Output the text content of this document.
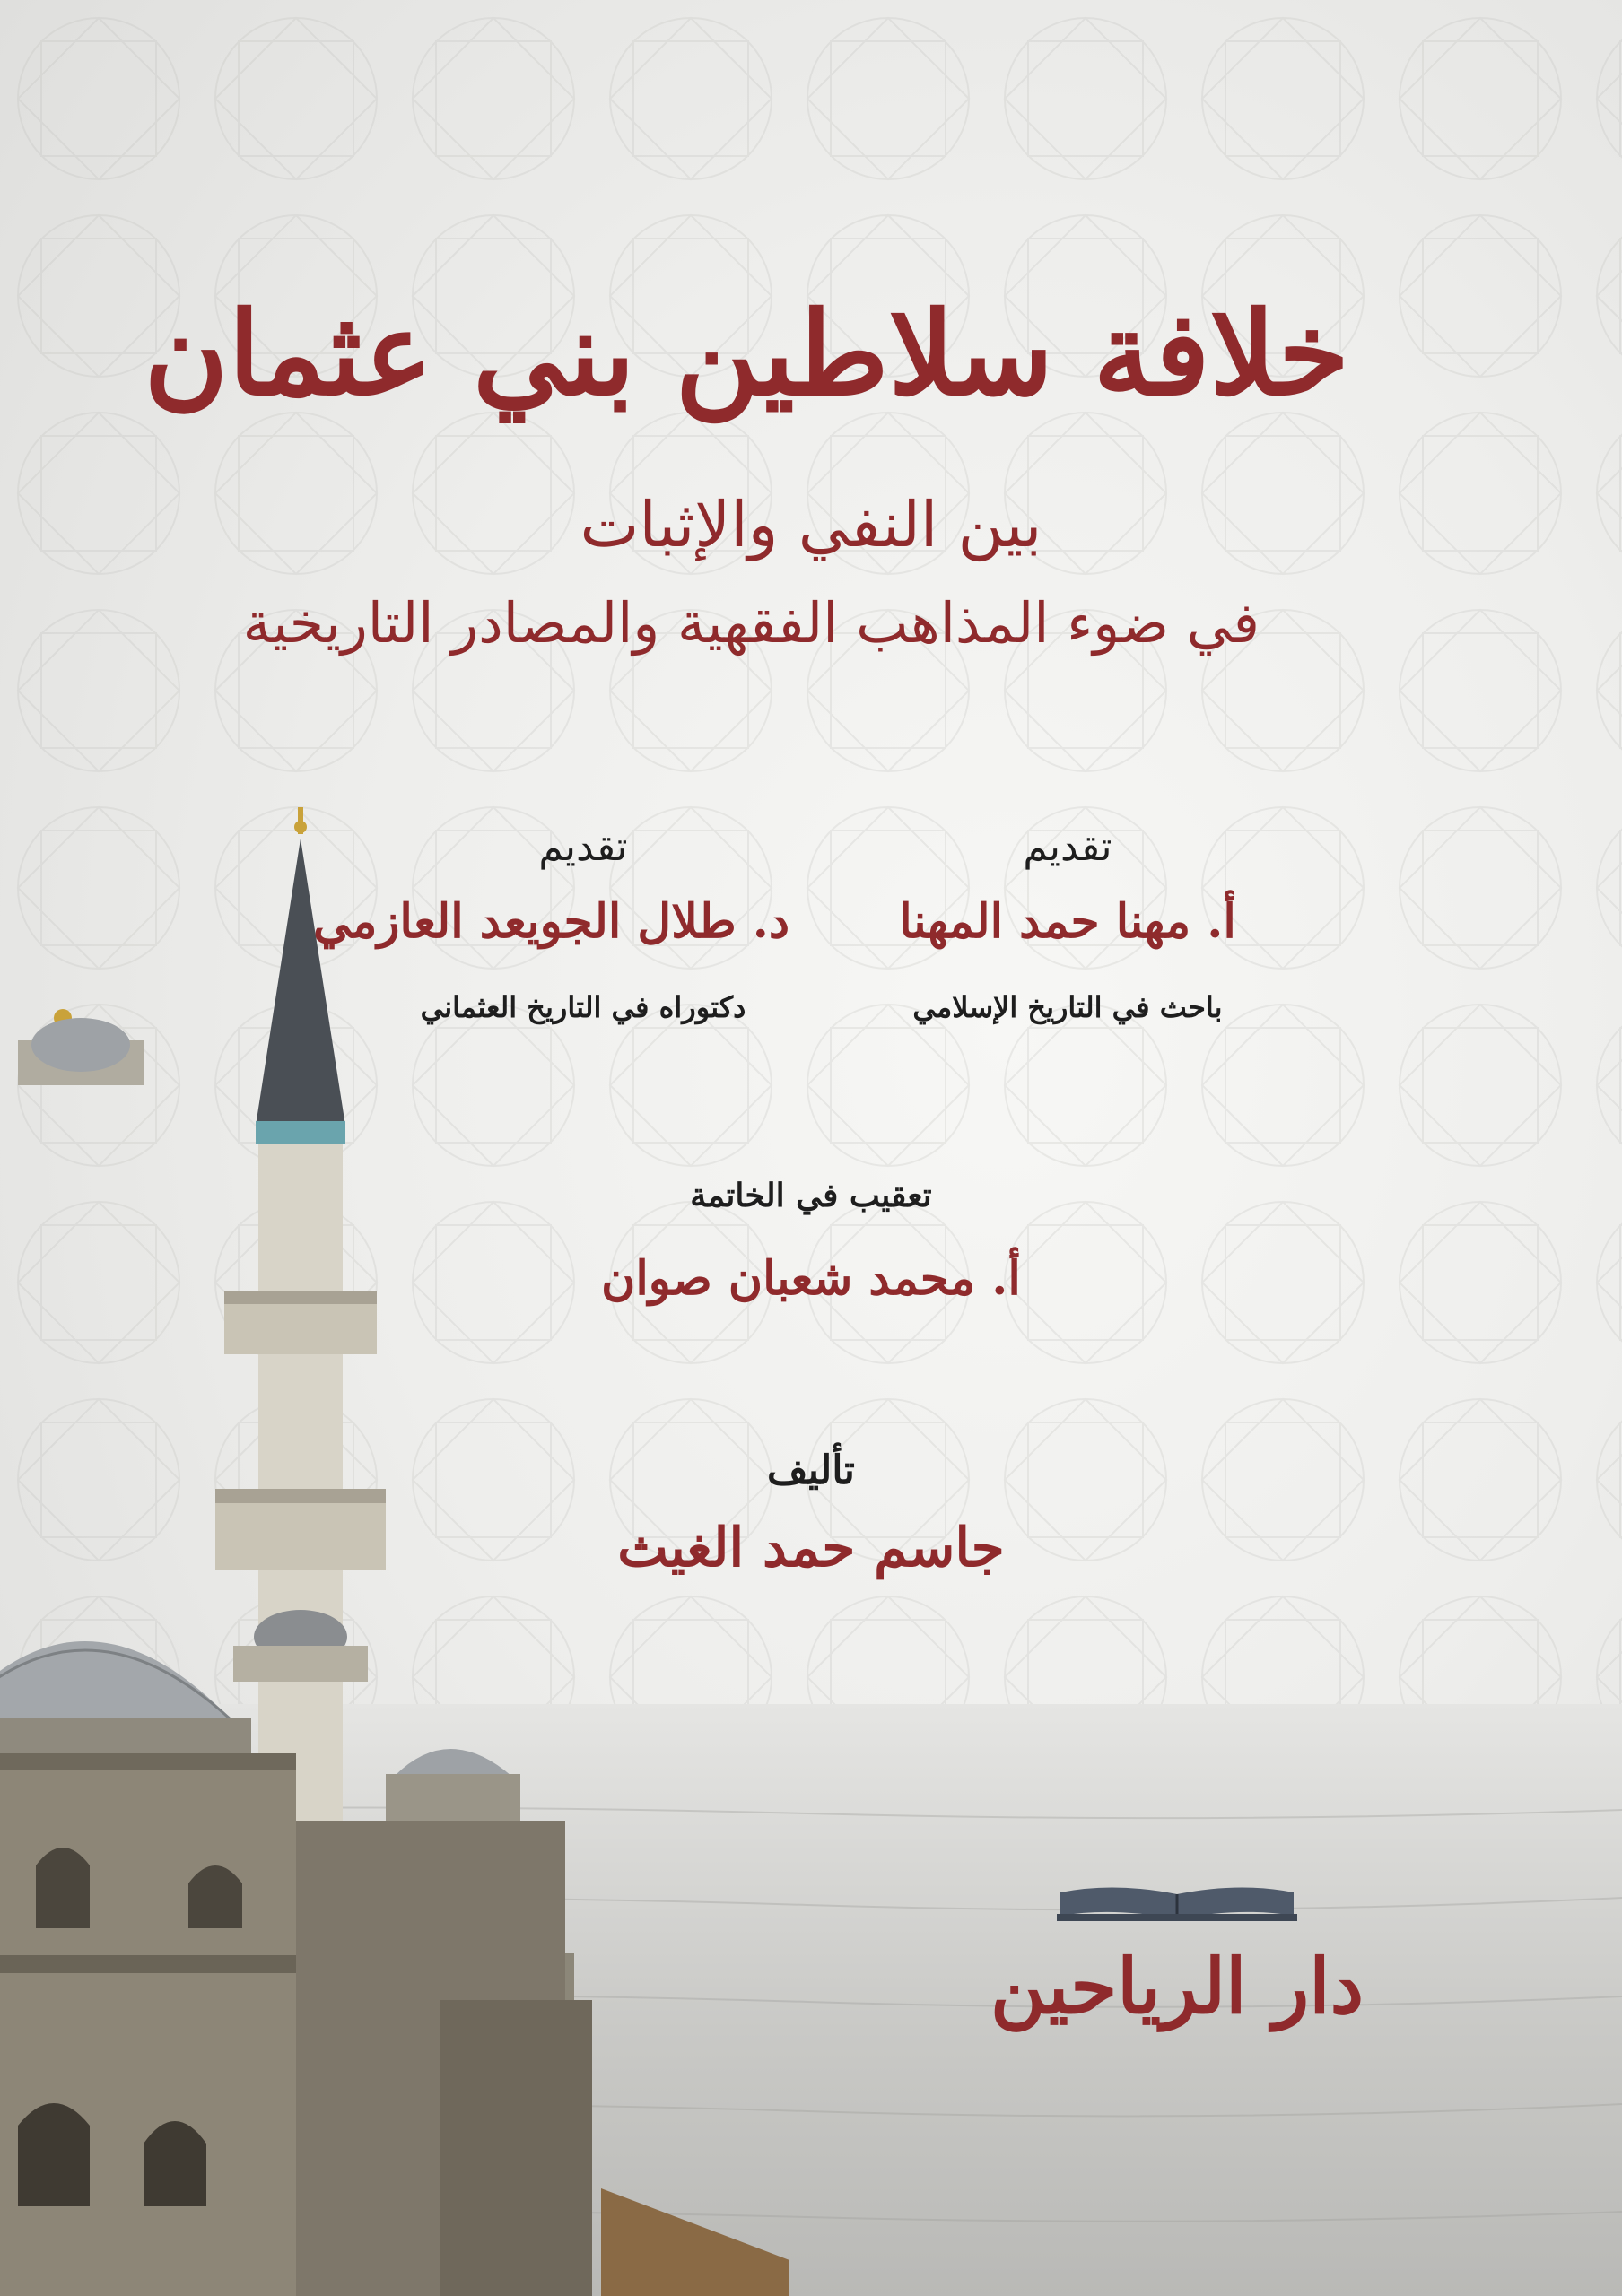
خلافة سلاطين بني عثمان
بين النفي والإثبات
في ضوء المذاهب الفقهية والمصادر التاريخية
تقديم
أ. مهنا حمد المهنا
باحث في التاريخ الإسلامي
تقديم
د. طلال الجويعد العازمي
دكتوراه في التاريخ العثماني
تعقيب في الخاتمة
أ. محمد شعبان صوان
تأليف
جاسم حمد الغيث
دار الرياحين
